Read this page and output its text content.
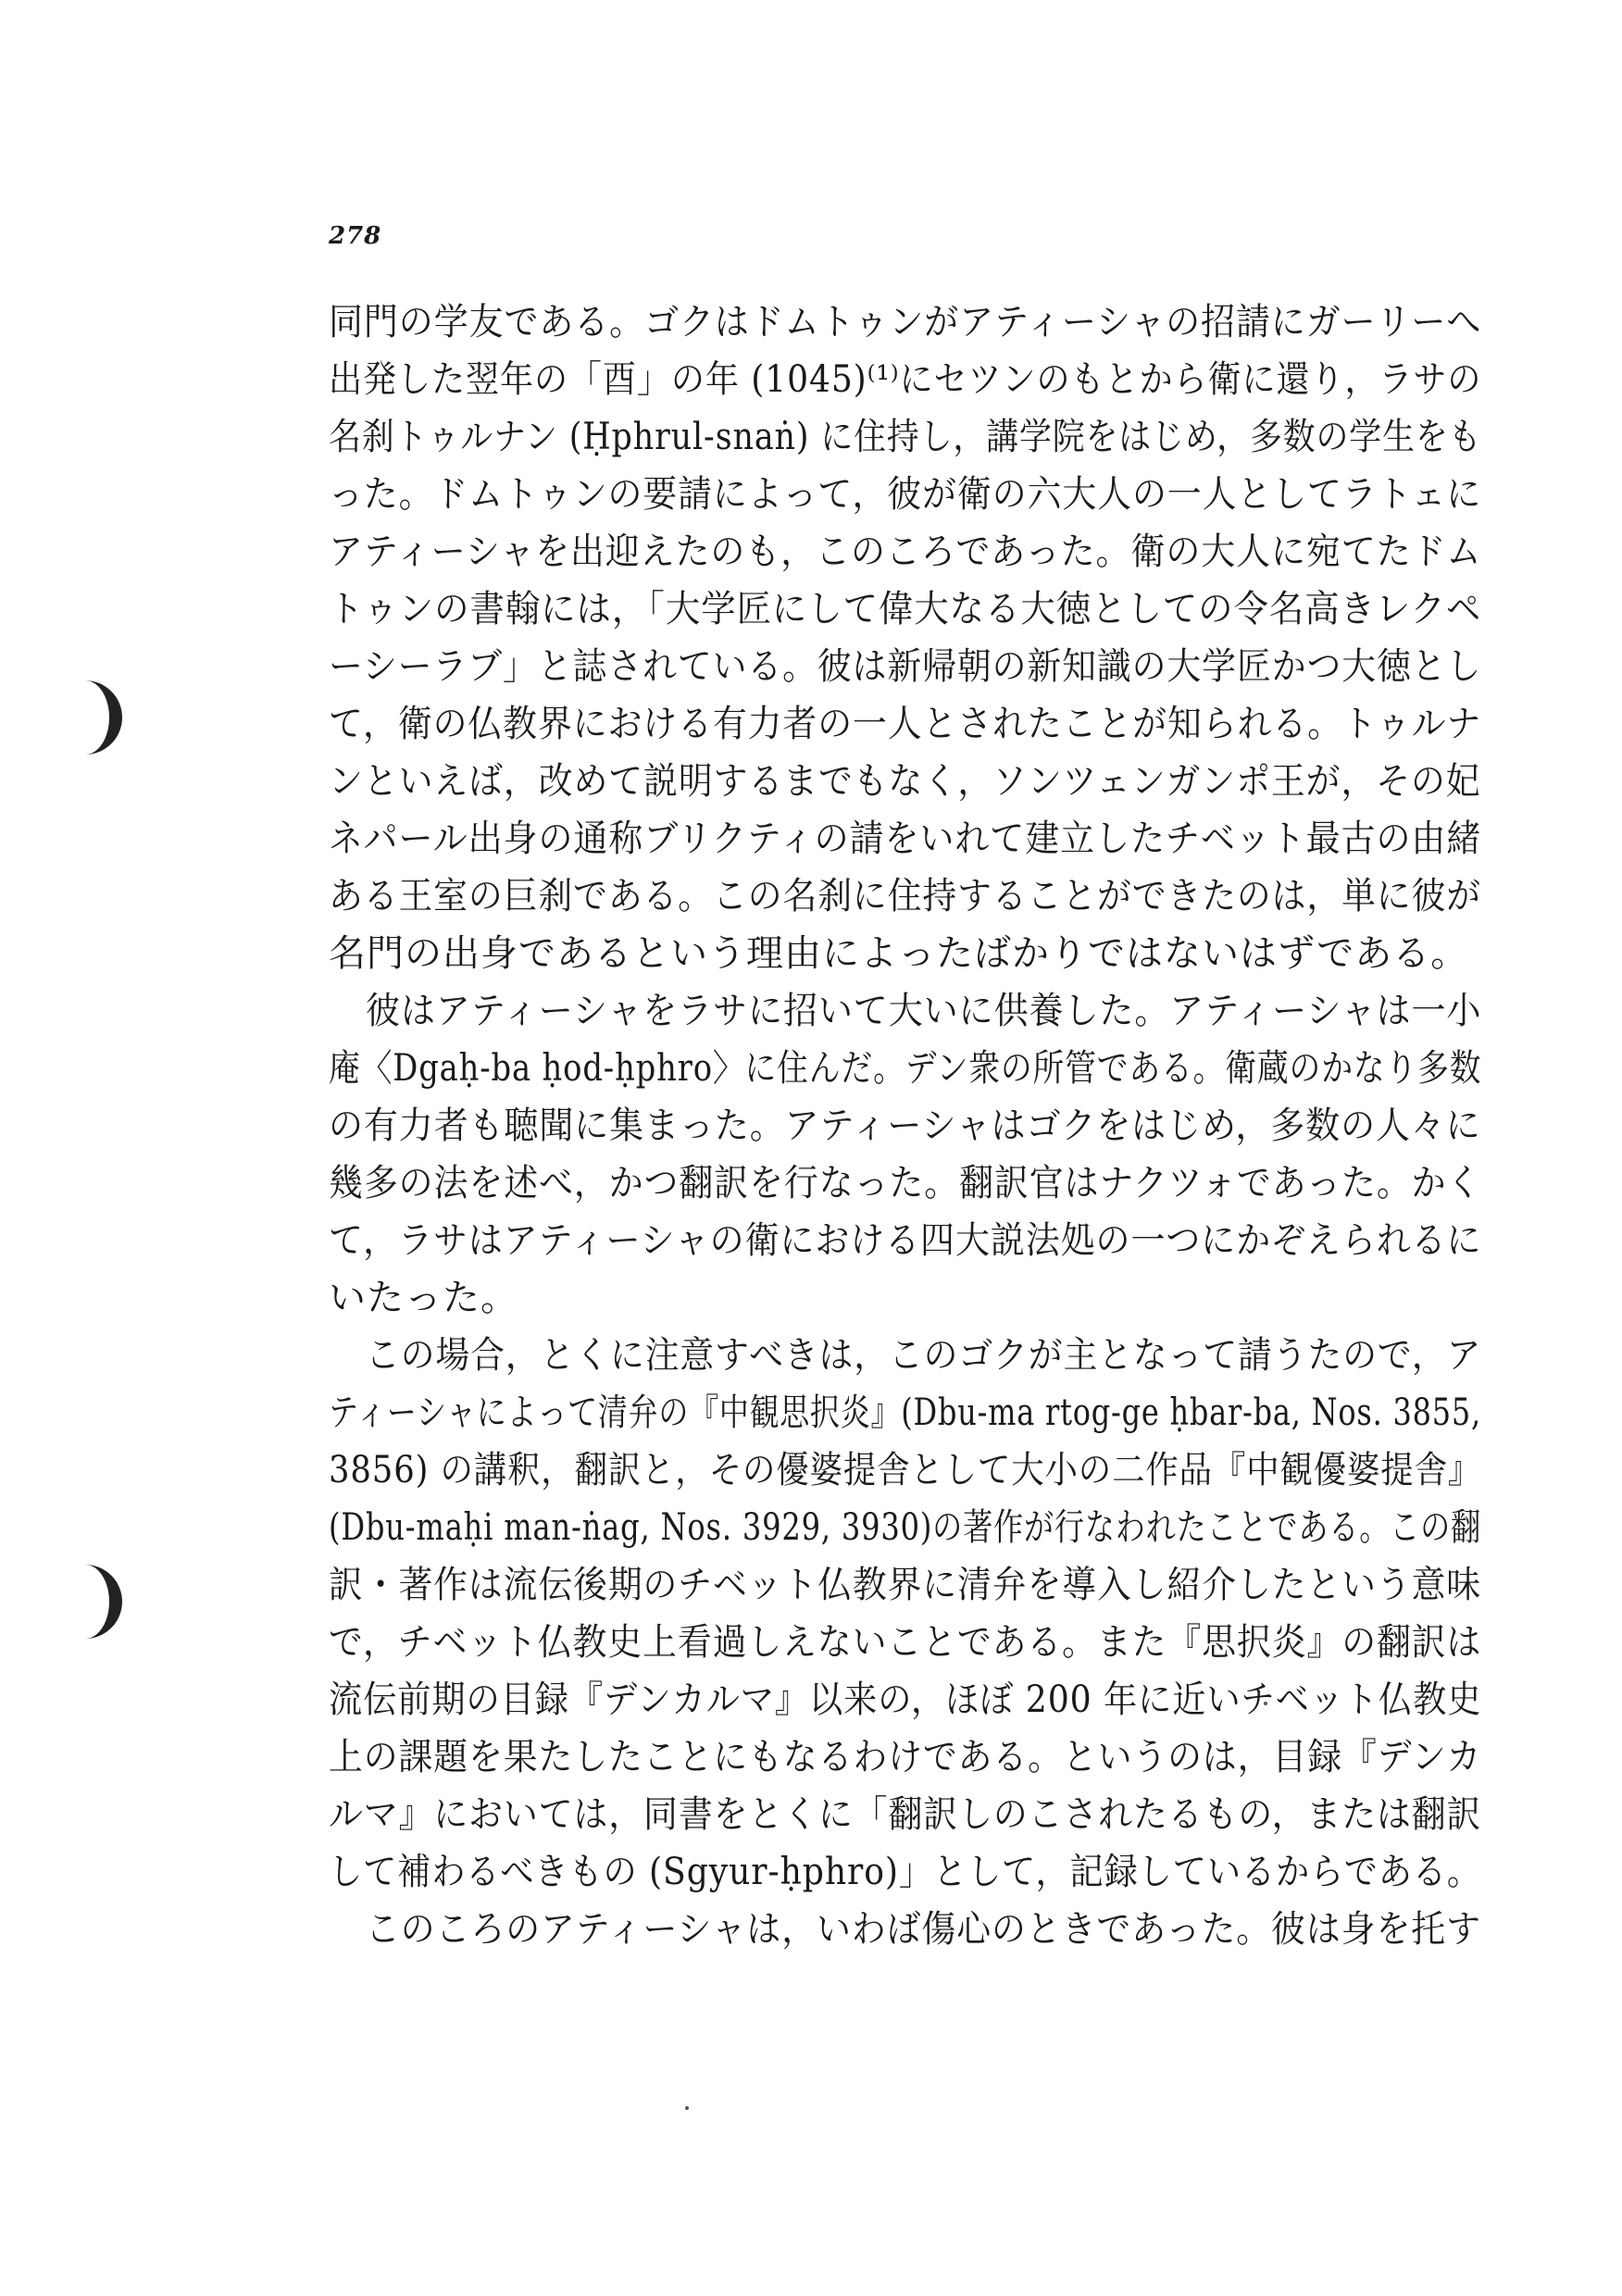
278
同門の学友である。ゴクはドムトゥンがアティーシャの招請にガーリーへ
出発した翌年の「酉」の年 (1045)⁽¹⁾にセツンのもとから衛に還り，ラサの
名刹トゥルナン (Ḥphrul-snaṅ) に住持し，講学院をはじめ，多数の学生をも
った。ドムトゥンの要請によって，彼が衛の六大人の一人としてラトェに
アティーシャを出迎えたのも，このころであった。衛の大人に宛てたドム
トゥンの書翰には，「大学匠にして偉大なる大徳としての令名高きレクペ
ーシーラブ」と誌されている。彼は新帰朝の新知識の大学匠かつ大徳とし
て，衛の仏教界における有力者の一人とされたことが知られる。トゥルナ
ンといえば，改めて説明するまでもなく，ソンツェンガンポ王が，その妃
ネパール出身の通称ブリクティの請をいれて建立したチベット最古の由緒
ある王室の巨刹である。この名刹に住持することができたのは，単に彼が
名門の出身であるという理由によったばかりではないはずである。
彼はアティーシャをラサに招いて大いに供養した。アティーシャは一小
庵〈Dgaḥ-ba ḥod-ḥphro〉に住んだ。デン衆の所管である。衛蔵のかなり多数
の有力者も聴聞に集まった。アティーシャはゴクをはじめ，多数の人々に
幾多の法を述べ，かつ翻訳を行なった。翻訳官はナクツォであった。かく
て，ラサはアティーシャの衛における四大説法処の一つにかぞえられるに
いたった。
この場合，とくに注意すべきは，このゴクが主となって請うたので，ア
ティーシャによって清弁の『中観思択炎』(Dbu-ma rtog-ge ḥbar-ba, Nos. 3855,
3856) の講釈，翻訳と，その優婆提舎として大小の二作品『中観優婆提舎』
(Dbu-maḥi man-ṅag, Nos. 3929, 3930)の著作が行なわれたことである。この翻
訳・著作は流伝後期のチベット仏教界に清弁を導入し紹介したという意味
で，チベット仏教史上看過しえないことである。また『思択炎』の翻訳は
流伝前期の目録『デンカルマ』以来の，ほぼ 200 年に近いチベット仏教史
上の課題を果たしたことにもなるわけである。というのは，目録『デンカ
ルマ』においては，同書をとくに「翻訳しのこされたるもの，または翻訳
して補わるべきもの (Sgyur-ḥphro)」として，記録しているからである。
このころのアティーシャは，いわば傷心のときであった。彼は身を托す
